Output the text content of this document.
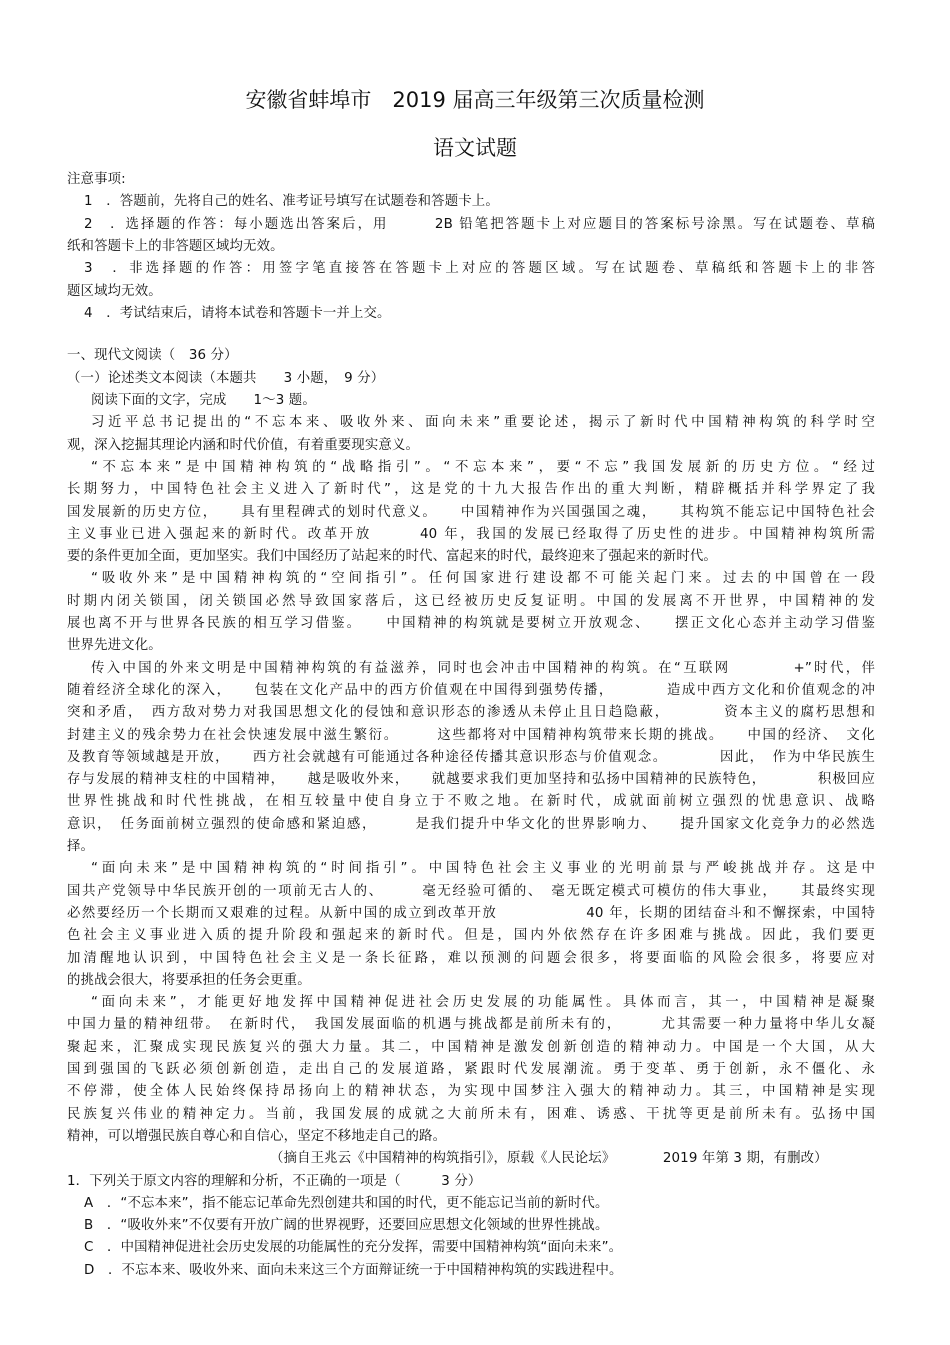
安徽省蚌埠市　2019 届高三年级第三次质量检测
语文试题
注意事项:
1　．答题前，先将自己的姓名、准考证号填写在试题卷和答题卡上。
2　．选择题的作答：每小题选出答案后，用　　　2B 铅笔把答题卡上对应题目的答案标号涂黑。写在试题卷、草稿
纸和答题卡上的非答题区域均无效。
3　．非选择题的作答：用签字笔直接答在答题卡上对应的答题区域。写在试题卷、草稿纸和答题卡上的非答
题区域均无效。
4　．考试结束后，请将本试卷和答题卡一并上交。
一、现代文阅读（　36 分）
（一）论述类文本阅读（本题共　　3 小题，　9 分）
阅读下面的文字，完成　　1～3 题。
习近平总书记提出的“不忘本来、吸收外来、面向未来”重要论述，揭示了新时代中国精神构筑的科学时空
观，深入挖掘其理论内涵和时代价值，有着重要现实意义。
“不忘本来”是中国精神构筑的“战略指引”。“不忘本来”，要“不忘”我国发展新的历史方位。“经过
长期努力，中国特色社会主义进入了新时代”，这是党的十九大报告作出的重大判断，精辟概括并科学界定了我
国发展新的历史方位，　　具有里程碑式的划时代意义。　　中国精神作为兴国强国之魂，　　其构筑不能忘记中国特色社会
主义事业已进入强起来的新时代。改革开放　　　40 年，我国的发展已经取得了历史性的进步。中国精神构筑所需
要的条件更加全面，更加坚实。我们中国经历了站起来的时代、富起来的时代，最终迎来了强起来的新时代。
“吸收外来”是中国精神构筑的“空间指引”。任何国家进行建设都不可能关起门来。过去的中国曾在一段
时期内闭关锁国，闭关锁国必然导致国家落后，这已经被历史反复证明。中国的发展离不开世界，中国精神的发
展也离不开与世界各民族的相互学习借鉴。　　中国精神的构筑就是要树立开放观念、　　摆正文化心态并主动学习借鉴
世界先进文化。
传入中国的外来文明是中国精神构筑的有益滋养，同时也会冲击中国精神的构筑。在“互联网　　　　+”时代，伴
随着经济全球化的深入，　　包装在文化产品中的西方价值观在中国得到强势传播，　　　　造成中西方文化和价值观念的冲
突和矛盾，　西方敌对势力对我国思想文化的侵蚀和意识形态的渗透从未停止且日趋隐蔽，　　　　资本主义的腐朽思想和
封建主义的残余势力在社会快速发展中滋生繁衍。　　　这些都将对中国精神构筑带来长期的挑战。　　中国的经济、　文化
及教育等领域越是开放，　　西方社会就越有可能通过各种途径传播其意识形态与价值观念。　　　　因此，　作为中华民族生
存与发展的精神支柱的中国精神，　　越是吸收外来，　　就越要求我们更加坚持和弘扬中国精神的民族特色，　　　　积极回应
世界性挑战和时代性挑战，在相互较量中使自身立于不败之地。在新时代，成就面前树立强烈的忧患意识、战略
意识，　任务面前树立强烈的使命感和紧迫感，　　　是我们提升中华文化的世界影响力、　　提升国家文化竞争力的必然选
择。
“面向未来”是中国精神构筑的“时间指引”。中国特色社会主义事业的光明前景与严峻挑战并存。这是中
国共产党领导中华民族开创的一项前无古人的、　　　毫无经验可循的、　毫无既定模式可模仿的伟大事业，　　其最终实现
必然要经历一个长期而又艰难的过程。从新中国的成立到改革开放　　　　　　40 年，长期的团结奋斗和不懈探索，中国特
色社会主义事业进入质的提升阶段和强起来的新时代。但是，国内外依然存在许多困难与挑战。因此，我们要更
加清醒地认识到，中国特色社会主义是一条长征路，难以预测的问题会很多，将要面临的风险会很多，将要应对
的挑战会很大，将要承担的任务会更重。
“面向未来”，才能更好地发挥中国精神促进社会历史发展的功能属性。具体而言，其一，中国精神是凝聚
中国力量的精神纽带。　在新时代，　我国发展面临的机遇与挑战都是前所未有的，　　　尤其需要一种力量将中华儿女凝
聚起来，汇聚成实现民族复兴的强大力量。其二，中国精神是激发创新创造的精神动力。中国是一个大国，从大
国到强国的飞跃必须创新创造，走出自己的发展道路，紧跟时代发展潮流。勇于变革、勇于创新，永不僵化、永
不停滞，使全体人民始终保持昂扬向上的精神状态，为实现中国梦注入强大的精神动力。其三，中国精神是实现
民族复兴伟业的精神定力。当前，我国发展的成就之大前所未有，困难、诱惑、干扰等更是前所未有。弘扬中国
精神，可以增强民族自尊心和自信心，坚定不移地走自己的路。
（摘自王兆云《中国精神的构筑指引》，原载《人民论坛》　　　　2019 年第 3 期，有删改）
1．下列关于原文内容的理解和分析，不正确的一项是（　　　3 分）
A　．“不忘本来”，指不能忘记革命先烈创建共和国的时代，更不能忘记当前的新时代。
B　．“吸收外来”不仅要有开放广阔的世界视野，还要回应思想文化领域的世界性挑战。
C　．中国精神促进社会历史发展的功能属性的充分发挥，需要中国精神构筑“面向未来”。
D　．不忘本来、吸收外来、面向未来这三个方面辩证统一于中国精神构筑的实践进程中。
